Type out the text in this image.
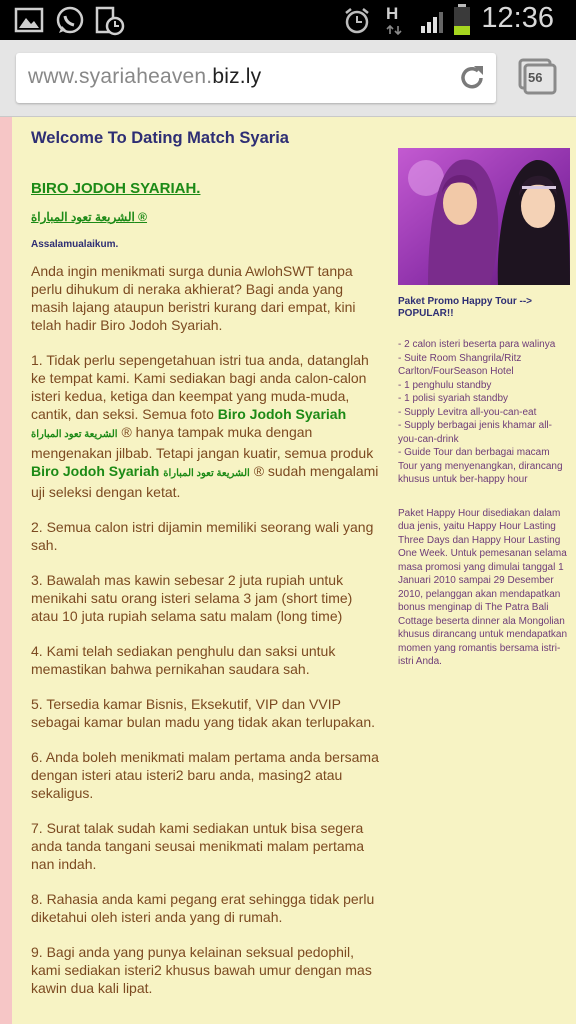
H	12:36
www.syariaheaven.biz.ly	56
Welcome To Dating Match Syaria
BIRO JODOH SYARIAH.
الشريعة تعود المباراة ®
Assalamualaikum.

Anda ingin menikmati surga dunia AwlohSWT tanpa perlu dihukum di neraka akhierat? Bagi anda yang masih lajang ataupun beristri kurang dari empat, kini telah hadir Biro Jodoh Syariah.

1. Tidak perlu sepengetahuan istri tua anda, datanglah ke tempat kami. Kami sediakan bagi anda calon-calon isteri kedua, ketiga dan keempat yang muda-muda, cantik, dan seksi. Semua foto Biro Jodoh Syariah الشريعة تعود المباراة ® hanya tampak muka dengan mengenakan jilbab. Tetapi jangan kuatir, semua produk Biro Jodoh Syariah الشريعة تعود المباراة ® sudah mengalami uji seleksi dengan ketat.

2. Semua calon istri dijamin memiliki seorang wali yang sah.

3. Bawalah mas kawin sebesar 2 juta rupiah untuk menikahi satu orang isteri selama 3 jam (short time) atau 10 juta rupiah selama satu malam (long time)

4. Kami telah sediakan penghulu dan saksi untuk memastikan bahwa pernikahan saudara sah.

5. Tersedia kamar Bisnis, Eksekutif, VIP dan VVIP sebagai kamar bulan madu yang tidak akan terlupakan.

6. Anda boleh menikmati malam pertama anda bersama dengan isteri atau isteri2 baru anda, masing2 atau sekaligus.

7. Surat talak sudah kami sediakan untuk bisa segera anda tanda tangani seusai menikmati malam pertama nan indah.

8. Rahasia anda kami pegang erat sehingga tidak perlu diketahui oleh isteri anda yang di rumah.

9. Bagi anda yang punya kelainan seksual pedophil, kami sediakan isteri2 khusus bawah umur dengan mas kawin dua kali lipat.

Paket Promo Happy Tour --> POPULAR!!
- 2 calon isteri beserta para walinya
- Suite Room Shangrila/Ritz Carlton/FourSeason Hotel
- 1 penghulu standby
- 1 polisi syariah standby
- Supply Levitra all-you-can-eat
- Supply berbagai jenis khamar all-you-can-drink
- Guide Tour dan berbagai macam Tour yang menyenangkan, dirancang khusus untuk ber-happy hour
Paket Happy Hour disediakan dalam dua jenis, yaitu Happy Hour Lasting Three Days dan Happy Hour Lasting One Week. Untuk pemesanan selama masa promosi yang dimulai tanggal 1 Januari 2010 sampai 29 Desember 2010, pelanggan akan mendapatkan bonus menginap di The Patra Bali Cottage beserta dinner ala Mongolian khusus dirancang untuk mendapatkan momen yang romantis bersama istri-istri Anda.
